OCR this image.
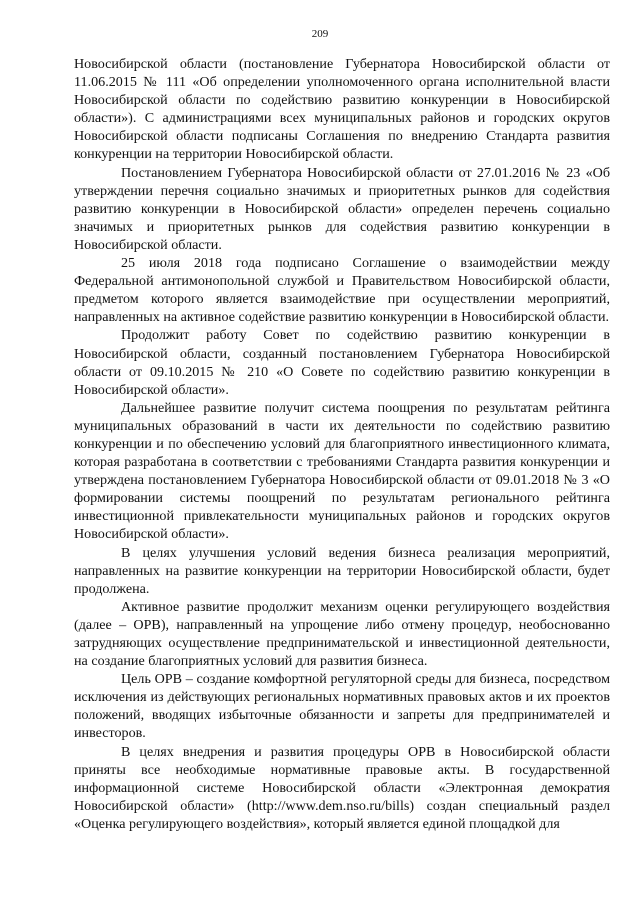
209

Новосибирской области (постановление Губернатора Новосибирской области от 11.06.2015 № 111 «Об определении уполномоченного органа исполнительной власти Новосибирской области по содействию развитию конкуренции в Новосибирской области»). С администрациями всех муниципальных районов и городских округов Новосибирской области подписаны Соглашения по внедрению Стандарта развития конкуренции на территории Новосибирской области.

Постановлением Губернатора Новосибирской области от 27.01.2016 № 23 «Об утверждении перечня социально значимых и приоритетных рынков для содействия развитию конкуренции в Новосибирской области» определен перечень социально значимых и приоритетных рынков для содействия развитию конкуренции в Новосибирской области.

25 июля 2018 года подписано Соглашение о взаимодействии между Федеральной антимонопольной службой и Правительством Новосибирской области, предметом которого является взаимодействие при осуществлении мероприятий, направленных на активное содействие развитию конкуренции в Новосибирской области.

Продолжит работу Совет по содействию развитию конкуренции в Новосибирской области, созданный постановлением Губернатора Новосибирской области от 09.10.2015 № 210 «О Совете по содействию развитию конкуренции в Новосибирской области».

Дальнейшее развитие получит система поощрения по результатам рейтинга муниципальных образований в части их деятельности по содействию развитию конкуренции и по обеспечению условий для благоприятного инвестиционного климата, которая разработана в соответствии с требованиями Стандарта развития конкуренции и утверждена постановлением Губернатора Новосибирской области от 09.01.2018 № 3 «О формировании системы поощрений по результатам регионального рейтинга инвестиционной привлекательности муниципальных районов и городских округов Новосибирской области».

В целях улучшения условий ведения бизнеса реализация мероприятий, направленных на развитие конкуренции на территории Новосибирской области, будет продолжена.

Активное развитие продолжит механизм оценки регулирующего воздействия (далее – ОРВ), направленный на упрощение либо отмену процедур, необоснованно затрудняющих осуществление предпринимательской и инвестиционной деятельности, на создание благоприятных условий для развития бизнеса.

Цель ОРВ – создание комфортной регуляторной среды для бизнеса, посредством исключения из действующих региональных нормативных правовых актов и их проектов положений, вводящих избыточные обязанности и запреты для предпринимателей и инвесторов.

В целях внедрения и развития процедуры ОРВ в Новосибирской области приняты все необходимые нормативные правовые акты. В государственной информационной системе Новосибирской области «Электронная демократия Новосибирской области» (http://www.dem.nso.ru/bills) создан специальный раздел «Оценка регулирующего воздействия», который является единой площадкой для
